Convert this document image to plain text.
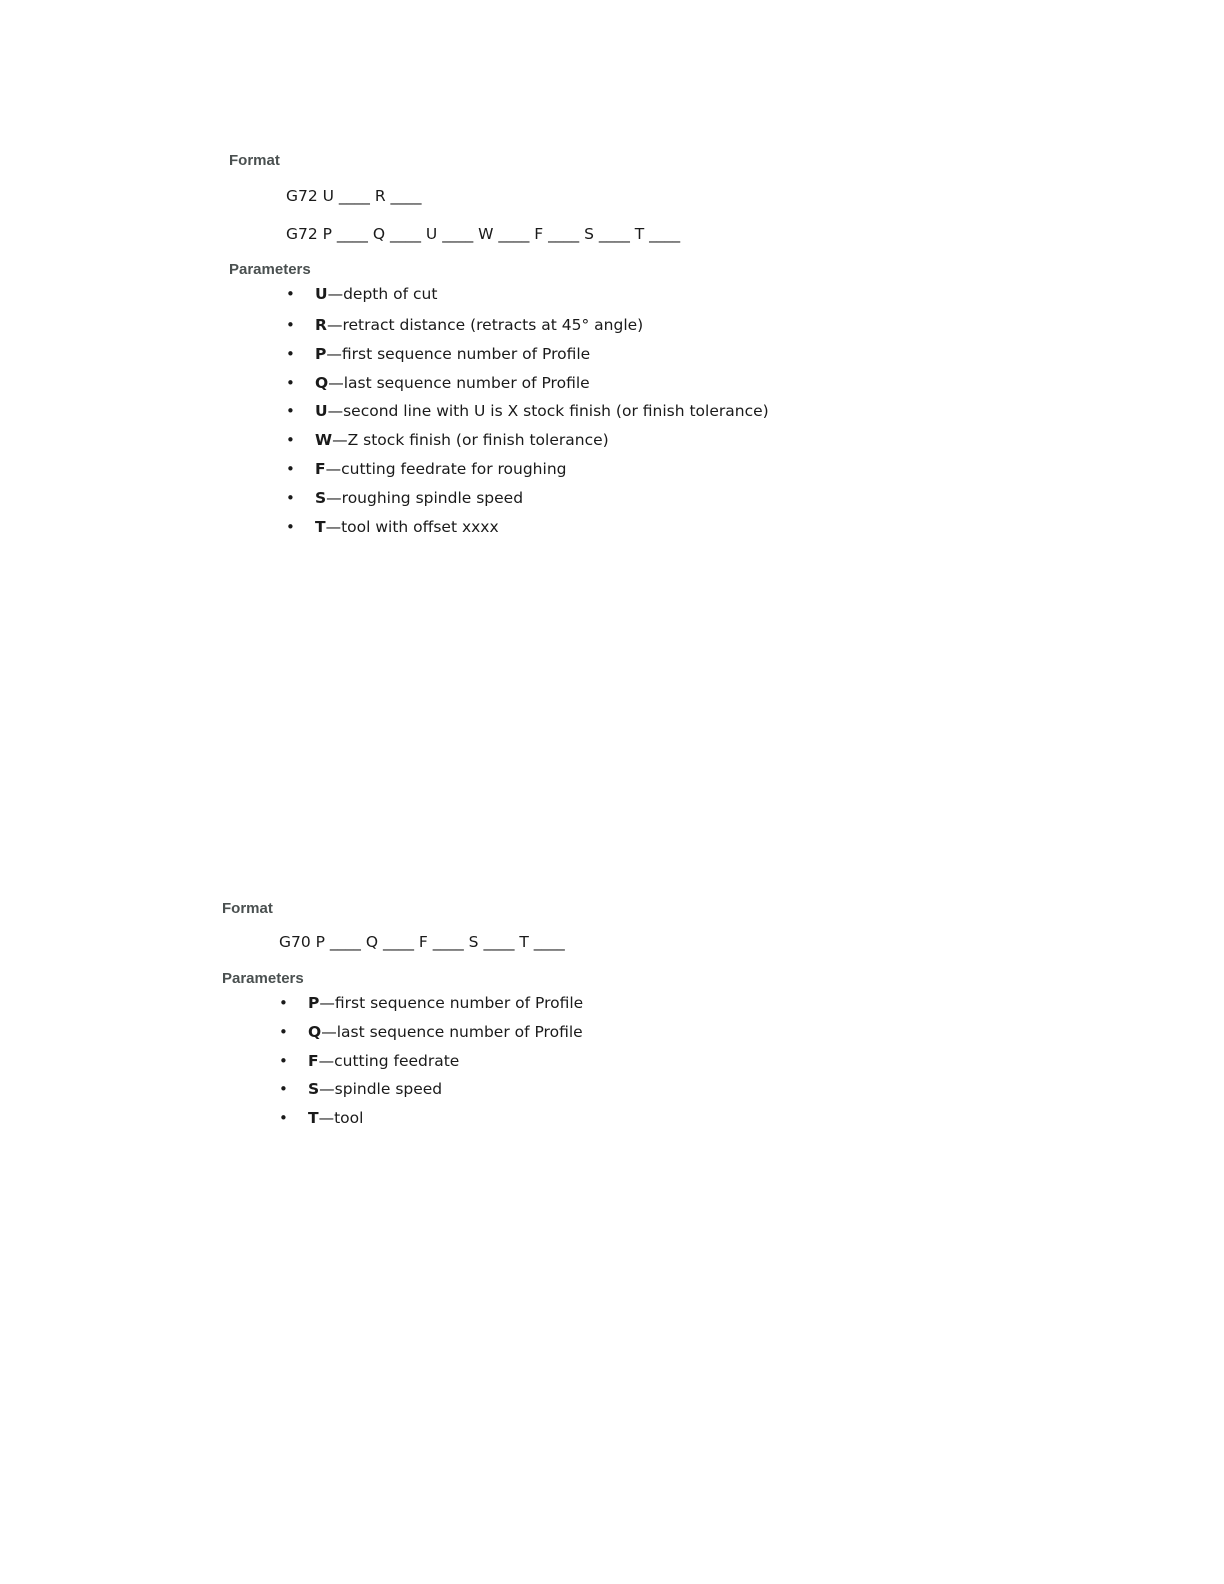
Format

G72 U ____ R ____

G72 P ____ Q ____ U ____ W ____ F ____ S ____ T ____

Parameters
• U—depth of cut
• R—retract distance (retracts at 45° angle)
• P—first sequence number of Profile
• Q—last sequence number of Profile
• U—second line with U is X stock finish (or finish tolerance)
• W—Z stock finish (or finish tolerance)
• F—cutting feedrate for roughing
• S—roughing spindle speed
• T—tool with offset xxxx
Format

G70 P ____ Q ____ F ____ S ____ T ____

Parameters
• P—first sequence number of Profile
• Q—last sequence number of Profile
• F—cutting feedrate
• S—spindle speed
• T—tool
